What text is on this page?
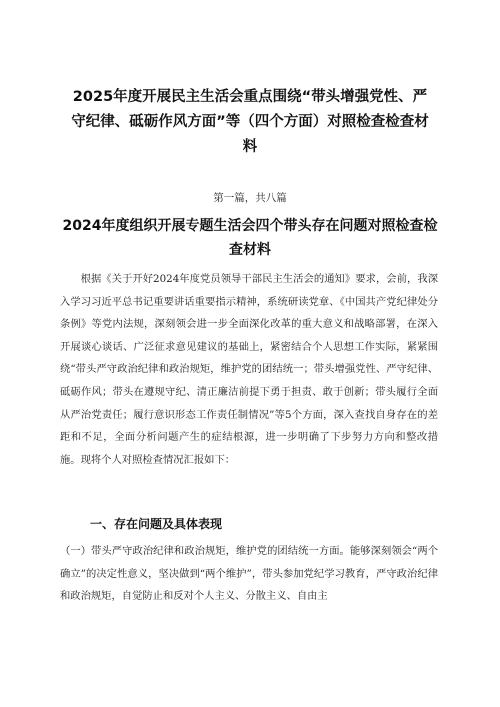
2025年度开展民主生活会重点围绕“带头增强党性、严守纪律、砥砺作风方面”等（四个方面）对照检查检查材料
第一篇，共八篇
2024年度组织开展专题生活会四个带头存在问题对照检查检查材料

根据《关于开好2024年度党员领导干部民主生活会的通知》要求，会前，我深入学习习近平总书记重要讲话重要指示精神，系统研读党章、《中国共产党纪律处分条例》等党内法规，深刻领会进一步全面深化改革的重大意义和战略部署，在深入开展谈心谈话、广泛征求意见建议的基础上，紧密结合个人思想工作实际，紧紧围绕“带头严守政治纪律和政治规矩，维护党的团结统一；带头增强党性、严守纪律、砥砺作风；带头在遵规守纪、清正廉洁前提下勇于担责、敢于创新；带头履行全面从严治党责任；履行意识形态工作责任制情况”等5个方面，深入查找自身存在的差距和不足，全面分析问题产生的症结根源，进一步明确了下步努力方向和整改措施。现将个人对照检查情况汇报如下：

一、存在问题及具体表现

（一）带头严守政治纪律和政治规矩，维护党的团结统一方面。能够深刻领会“两个确立”的决定性意义，坚决做到“两个维护”，带头参加党纪学习教育，严守政治纪律和政治规矩，自觉防止和反对个人主义、分散主义、自由主
